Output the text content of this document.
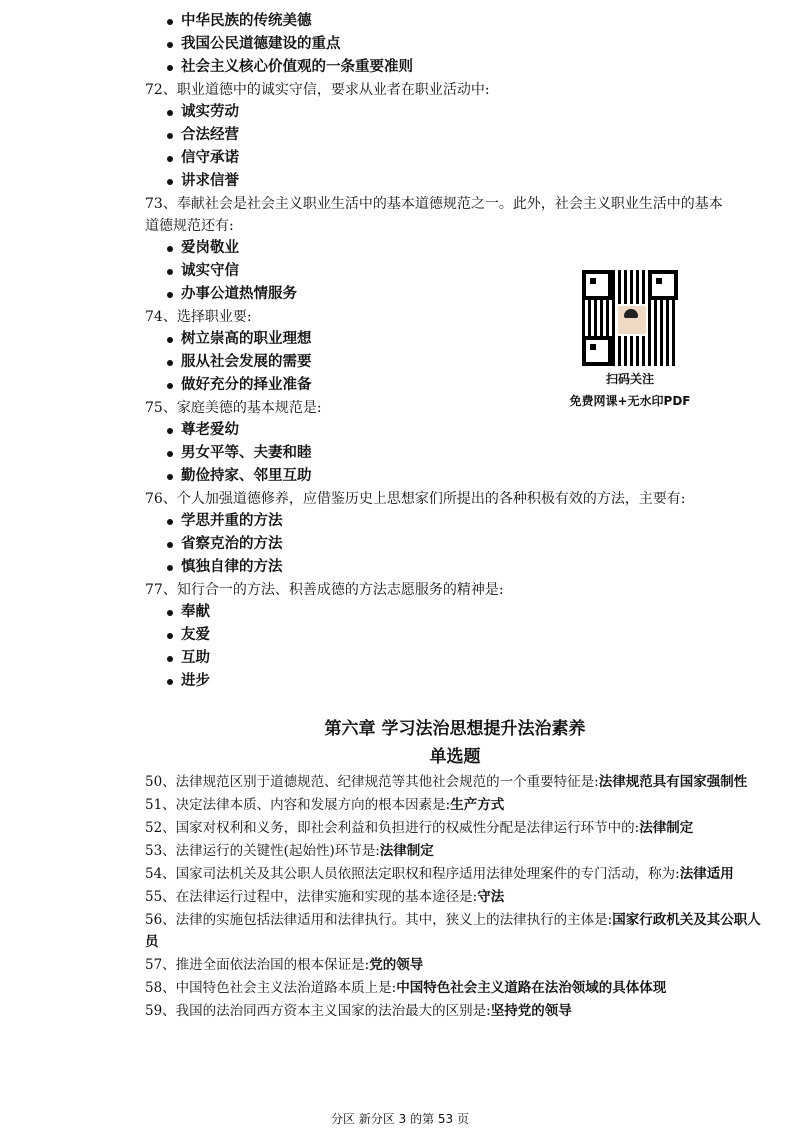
中华民族的传统美德
我国公民道德建设的重点
社会主义核心价值观的一条重要准则

72、职业道德中的诚实守信，要求从业者在职业活动中:

诚实劳动
合法经营
信守承诺
讲求信誉

73、奉献社会是社会主义职业生活中的基本道德规范之一。此外，社会主义职业生活中的基本

道德规范还有:

爱岗敬业
诚实守信
办事公道热情服务

74、选择职业要:

树立崇高的职业理想
服从社会发展的需要
做好充分的择业准备

75、家庭美德的基本规范是:

尊老爱幼
男女平等、夫妻和睦
勤俭持家、邻里互助

76、个人加强道德修养，应借鉴历史上思想家们所提出的各种积极有效的方法，主要有:

学思并重的方法
省察克治的方法
慎独自律的方法

77、知行合一的方法、积善成德的方法志愿服务的精神是:

奉献
友爱
互助
进步
第六章 学习法治思想提升法治素养
单选题

50、法律规范区别于道德规范、纪律规范等其他社会规范的一个重要特征是:法律规范具有国家强制性

51、决定法律本质、内容和发展方向的根本因素是:生产方式

52、国家对权利和义务，即社会利益和负担进行的权威性分配是法律运行环节中的:法律制定

53、法律运行的关键性(起始性)环节是:法律制定

54、国家司法机关及其公职人员依照法定职权和程序适用法律处理案件的专门活动，称为:法律适用

55、在法律运行过程中，法律实施和实现的基本途径是:守法

56、法律的实施包括法律适用和法律执行。其中，狭义上的法律执行的主体是:国家行政机关及其公职人员

57、推进全面依法治国的根本保证是:党的领导

58、中国特色社会主义法治道路本质上是:中国特色社会主义道路在法治领域的具体体现

59、我国的法治同西方资本主义国家的法治最大的区别是:坚持党的领导

扫码关注
免费网课+无水印PDF
分区 新分区 3 的第 53 页
